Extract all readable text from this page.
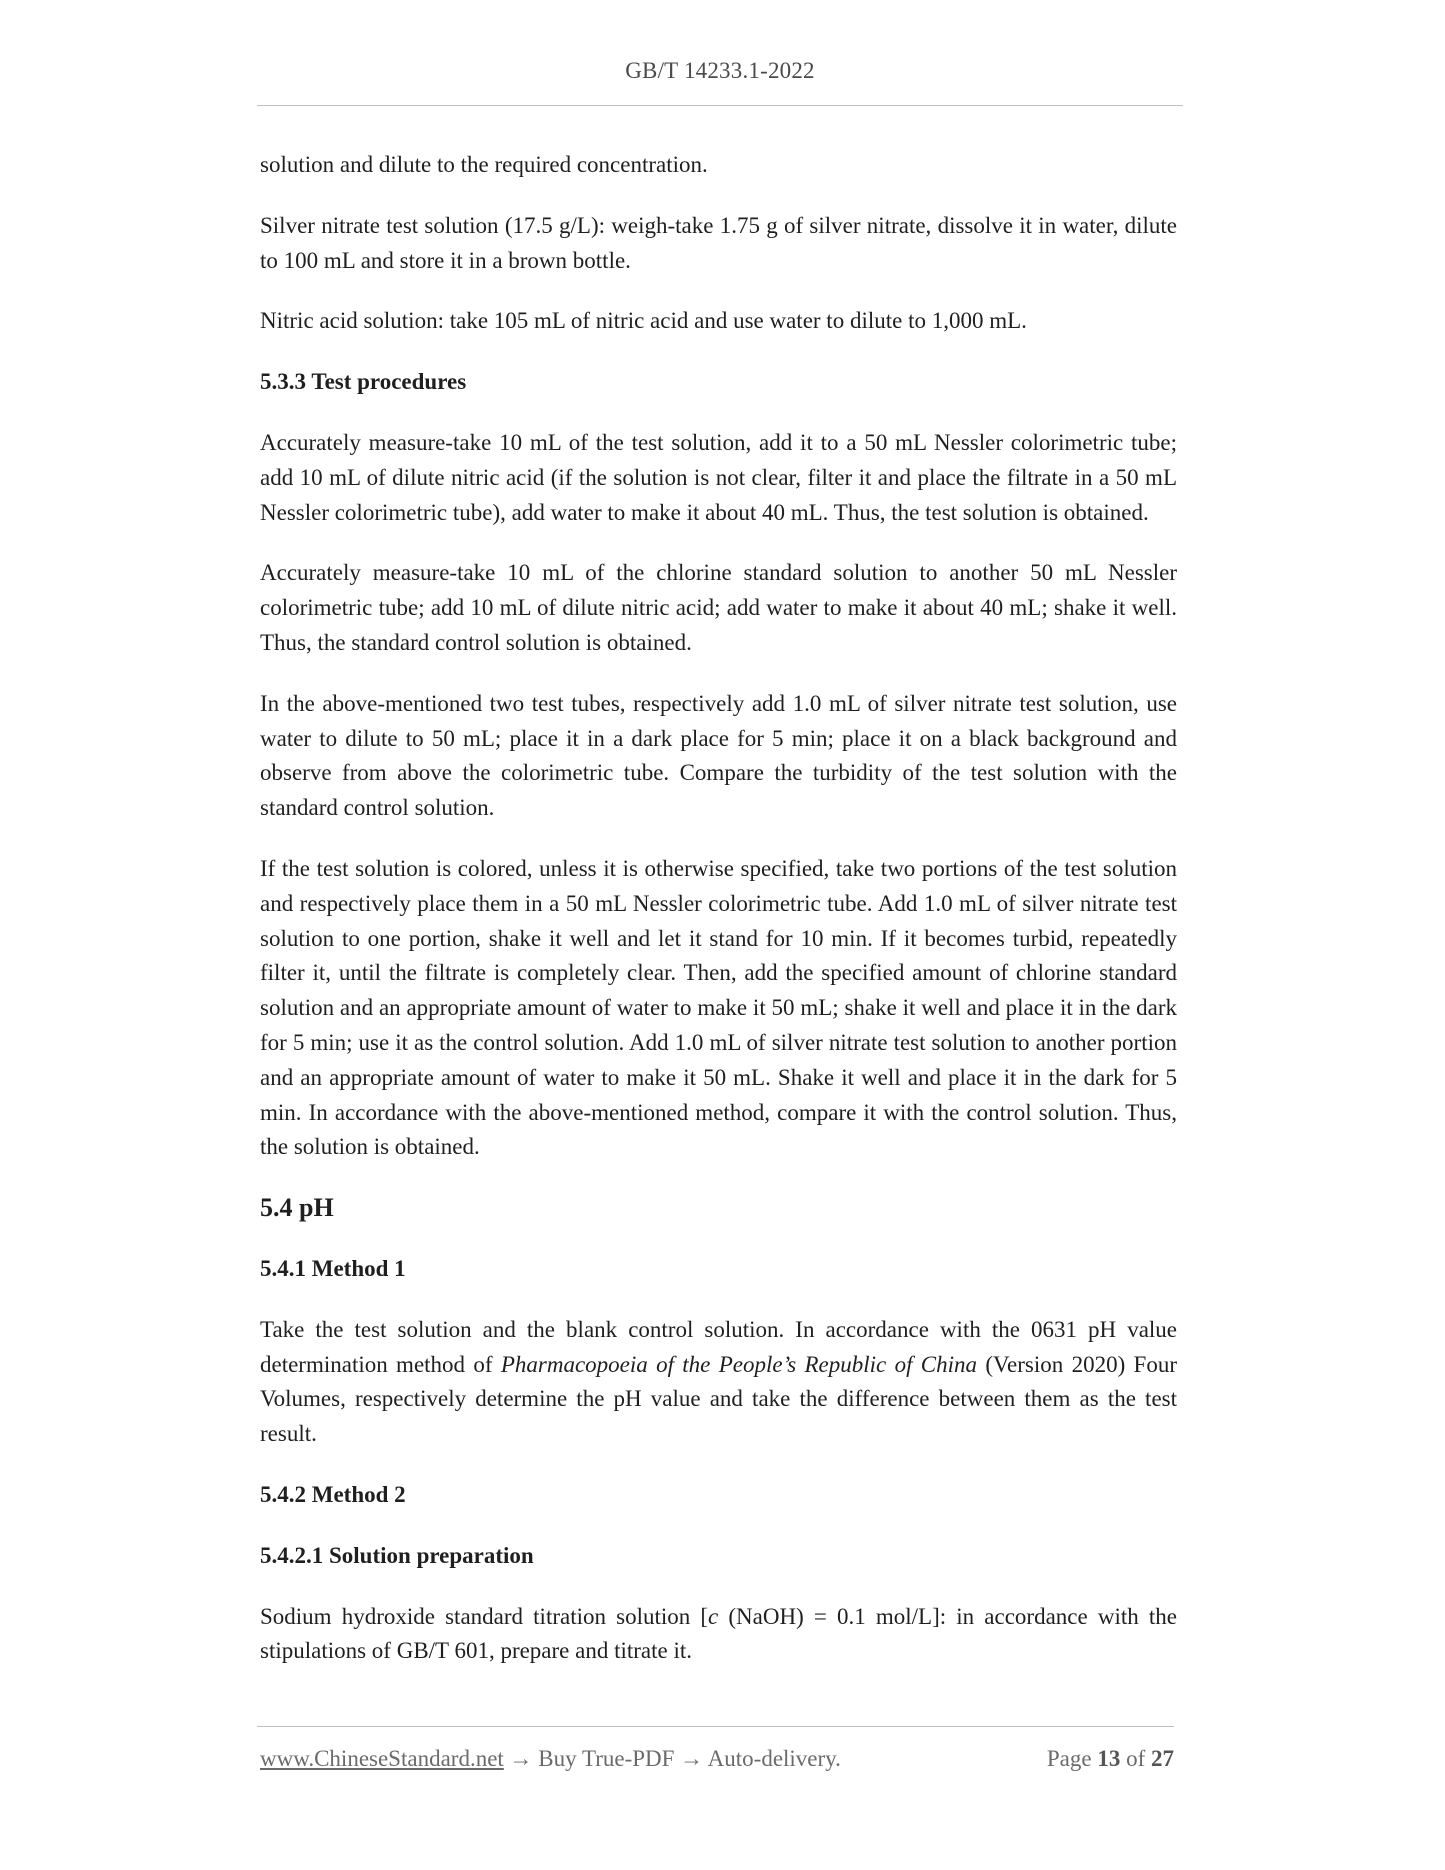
GB/T 14233.1-2022

solution and dilute to the required concentration.

Silver nitrate test solution (17.5 g/L): weigh-take 1.75 g of silver nitrate, dissolve it in water, dilute to 100 mL and store it in a brown bottle.

Nitric acid solution: take 105 mL of nitric acid and use water to dilute to 1,000 mL.

5.3.3 Test procedures

Accurately measure-take 10 mL of the test solution, add it to a 50 mL Nessler colorimetric tube; add 10 mL of dilute nitric acid (if the solution is not clear, filter it and place the filtrate in a 50 mL Nessler colorimetric tube), add water to make it about 40 mL. Thus, the test solution is obtained.

Accurately measure-take 10 mL of the chlorine standard solution to another 50 mL Nessler colorimetric tube; add 10 mL of dilute nitric acid; add water to make it about 40 mL; shake it well. Thus, the standard control solution is obtained.

In the above-mentioned two test tubes, respectively add 1.0 mL of silver nitrate test solution, use water to dilute to 50 mL; place it in a dark place for 5 min; place it on a black background and observe from above the colorimetric tube. Compare the turbidity of the test solution with the standard control solution.

If the test solution is colored, unless it is otherwise specified, take two portions of the test solution and respectively place them in a 50 mL Nessler colorimetric tube. Add 1.0 mL of silver nitrate test solution to one portion, shake it well and let it stand for 10 min. If it becomes turbid, repeatedly filter it, until the filtrate is completely clear. Then, add the specified amount of chlorine standard solution and an appropriate amount of water to make it 50 mL; shake it well and place it in the dark for 5 min; use it as the control solution. Add 1.0 mL of silver nitrate test solution to another portion and an appropriate amount of water to make it 50 mL. Shake it well and place it in the dark for 5 min. In accordance with the above-mentioned method, compare it with the control solution. Thus, the solution is obtained.

5.4 pH
5.4.1 Method 1

Take the test solution and the blank control solution. In accordance with the 0631 pH value determination method of Pharmacopoeia of the People’s Republic of China (Version 2020) Four Volumes, respectively determine the pH value and take the difference between them as the test result.

5.4.2 Method 2
5.4.2.1 Solution preparation

Sodium hydroxide standard titration solution [c (NaOH) = 0.1 mol/L]: in accordance with the stipulations of GB/T 601, prepare and titrate it.

www.ChineseStandard.net → Buy True-PDF → Auto-delivery.	Page 13 of 27
